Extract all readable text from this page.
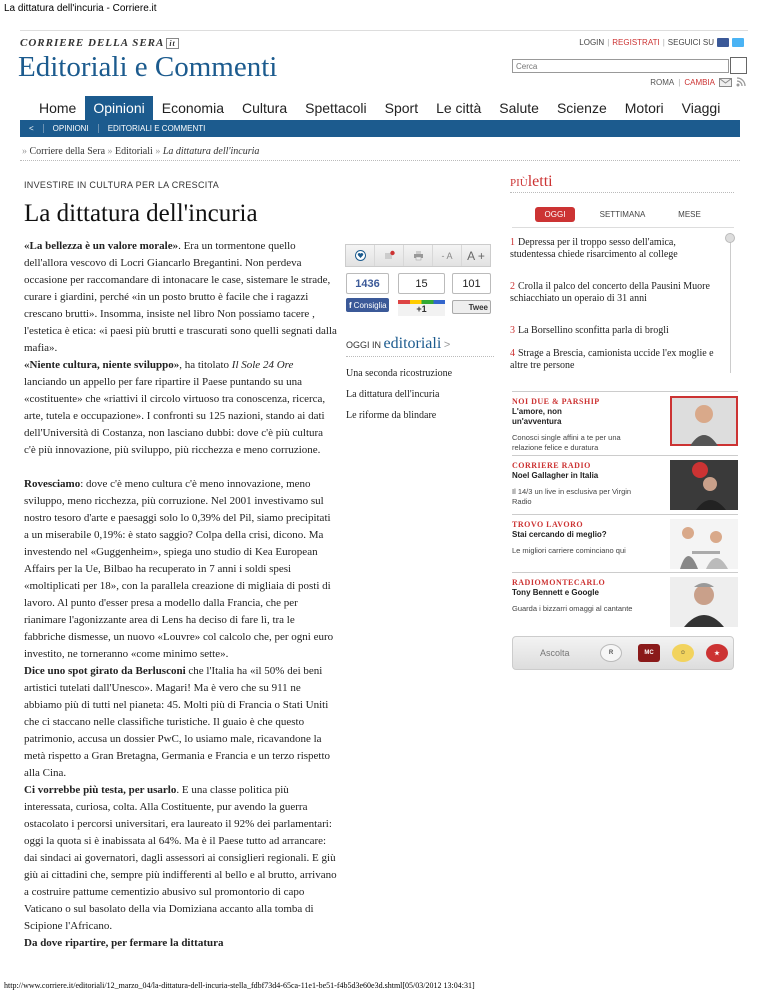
La dittatura dell'incuria - Corriere.it
CORRIERE DELLA SERA it	LOGIN | REGISTRATI | SEGUICI SU
Editoriali e Commenti
Cerca	ROMA | CAMBIA
Home	Opinioni	Economia	Cultura	Spettacoli	Sport	Le città	Salute	Scienze	Motori	Viaggi
<	OPINIONI	EDITORIALI E COMMENTI
» Corriere della Sera » Editoriali » La dittatura dell'incuria
INVESTIRE IN CULTURA PER LA CRESCITA
La dittatura dell'incuria
«La bellezza è un valore morale». Era un tormentone quello dell'allora vescovo di Locri Giancarlo Bregantini. Non perdeva occasione per raccomandare di intonacare le case, sistemare le strade, curare i giardini, perché «in un posto brutto è facile che i ragazzi crescano brutti». Insomma, insiste nel libro Non possiamo tacere , l'estetica è etica: «i paesi più brutti e trascurati sono quelli segnati dalla mafia».
«Niente cultura, niente sviluppo», ha titolato Il Sole 24 Ore lanciando un appello per fare ripartire il Paese puntando su una «costituente» che «riattivi il circolo virtuoso tra conoscenza, ricerca, arte, tutela e occupazione». I confronti su 125 nazioni, stando ai dati dell'Università di Costanza, non lasciano dubbi: dove c'è più cultura c'è più innovazione, più sviluppo, più ricchezza e meno corruzione.
Rovesciamo: dove c'è meno cultura c'è meno innovazione, meno sviluppo, meno ricchezza, più corruzione. Nel 2001 investivamo sul nostro tesoro d'arte e paesaggi solo lo 0,39% del Pil, siamo precipitati a un miserabile 0,19%: è stato saggio? Colpa della crisi, dicono. Ma investendo nel «Guggenheim», spiega uno studio di Kea European Affairs per la Ue, Bilbao ha recuperato in 7 anni i soldi spesi «moltiplicati per 18», con la parallela creazione di migliaia di posti di lavoro. Al punto d'esser presa a modello dalla Francia, che per rianimare l'agonizzante area di Lens ha deciso di fare lì, tra le fabbriche dismesse, un nuovo «Louvre» col calcolo che, per ogni euro investito, ne torneranno «come minimo sette».
Dice uno spot girato da Berlusconi che l'Italia ha «il 50% dei beni artistici tutelati dall'Unesco». Magari! Ma è vero che su 911 ne abbiamo più di tutti nel pianeta: 45. Molti più di Francia o Stati Uniti che ci staccano nelle classifiche turistiche. Il guaio è che questo patrimonio, accusa un dossier PwC, lo usiamo male, ricavandone la metà rispetto a Gran Bretagna, Germania e Francia e un terzo rispetto alla Cina.
Ci vorrebbe più testa, per usarlo. E una classe politica più interessata, curiosa, colta. Alla Costituente, pur avendo la guerra ostacolato i percorsi universitari, era laureato il 92% dei parlamentari: oggi la quota si è inabissata al 64%. Ma è il Paese tutto ad arrancare: dai sindaci ai governatori, dagli assessori ai consiglieri regionali. E giù giù ai cittadini che, sempre più indifferenti al bello e al brutto, arrivano a costruire pattume cementizio abusivo sul promontorio di capo Vaticano o sul basolato della via Domiziana accanto alla tomba di Scipione l'Africano.
Da dove ripartire, per fermare la dittatura
- A	A +
1436	15	101
f Consiglia	+1	Twee
OGGI IN editoriali >
Una seconda ricostruzione
La dittatura dell'incuria
Le riforme da blindare
PIÙletti
OGGI	SETTIMANA	MESE
1 Depressa per il troppo sesso dell'amica, studentessa chiede risarcimento al college
2 Crolla il palco del concerto della Pausini Muore schiacchiato un operaio di 31 anni
3 La Borsellino sconfitta parla di brogli
4 Strage a Brescia, camionista uccide l'ex moglie e altre tre persone
NOI DUE & PARSHIP
L'amore, non un'avventura
Conosci single affini a te per una relazione felice e duratura
CORRIERE RADIO
Noel Gallagher in Italia
Il 14/3 un live in esclusiva per Virgin Radio
TROVO LAVORO
Stai cercando di meglio?
Le migliori carriere cominciano qui
RADIOMONTECARLO
Tony Bennett e Google
Guarda i bizzarri omaggi al cantante
Ascolta	R	MC	☺	★
http://www.corriere.it/editoriali/12_marzo_04/la-dittatura-dell-incuria-stella_fdbf73d4-65ca-11e1-be51-f4b5d3e60e3d.shtml[05/03/2012 13:04:31]
